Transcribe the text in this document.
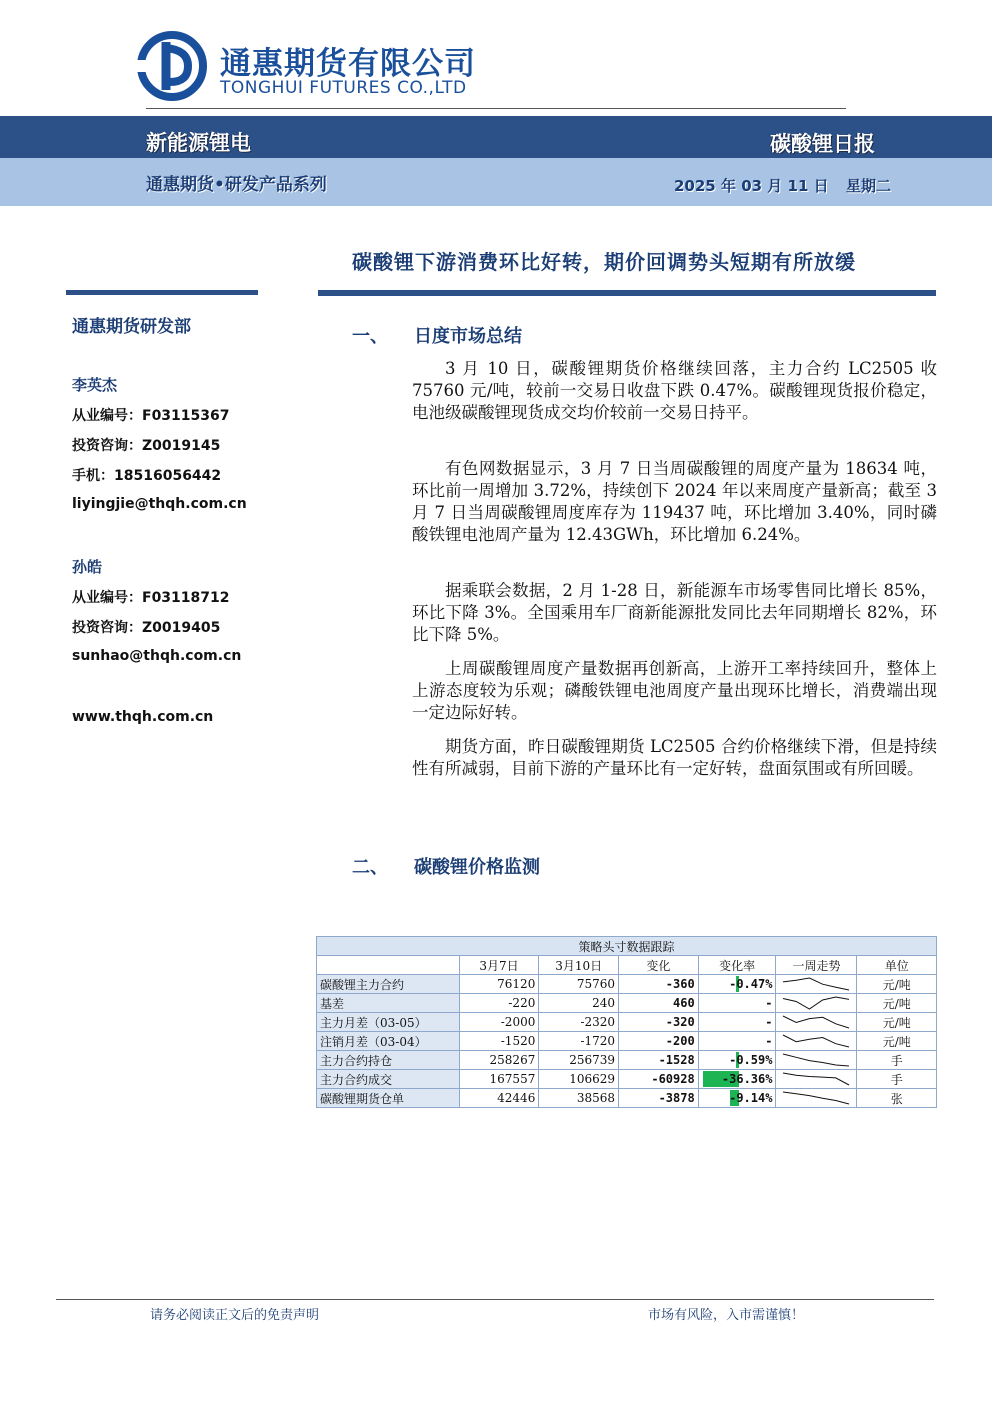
通惠期货有限公司
TONGHUI FUTURES CO.,LTD
新能源锂电	碳酸锂日报
通惠期货•研发产品系列	2025 年 03 月 11 日 星期二
碳酸锂下游消费环比好转，期价回调势头短期有所放缓
通惠期货研发部
李英杰
从业编号：F03115367
投资咨询：Z0019145
手机：18516056442
liyingjie@thqh.com.cn
孙皓
从业编号：F03118712
投资咨询：Z0019405
sunhao@thqh.com.cn
www.thqh.com.cn
一、 日度市场总结
3 月 10 日，碳酸锂期货价格继续回落，主力合约 LC2505 收 75760 元/吨，较前一交易日收盘下跌 0.47%。碳酸锂现货报价稳定，电池级碳酸锂现货成交均价较前一交易日持平。
有色网数据显示，3 月 7 日当周碳酸锂的周度产量为 18634 吨，环比前一周增加 3.72%，持续创下 2024 年以来周度产量新高；截至 3 月 7 日当周碳酸锂周度库存为 119437 吨，环比增加 3.40%，同时磷酸铁锂电池周产量为 12.43GWh，环比增加 6.24%。
据乘联会数据，2 月 1-28 日，新能源车市场零售同比增长 85%，环比下降 3%。全国乘用车厂商新能源批发同比去年同期增长 82%，环比下降 5%。
上周碳酸锂周度产量数据再创新高，上游开工率持续回升，整体上上游态度较为乐观；磷酸铁锂电池周度产量出现环比增长，消费端出现一定边际好转。
期货方面，昨日碳酸锂期货 LC2505 合约价格继续下滑，但是持续性有所减弱，目前下游的产量环比有一定好转，盘面氛围或有所回暖。
二、 碳酸锂价格监测
策略头寸数据跟踪						
	3月7日	3月10日	变化	变化率	一周走势	单位
碳酸锂主力合约	76120	75760	-360	-0.47%		元/吨
基差	-220	240	460	-		元/吨
主力月差（03-05）	-2000	-2320	-320	-		元/吨
注销月差（03-04）	-1520	-1720	-200	-		元/吨
主力合约持仓	258267	256739	-1528	-0.59%		手
主力合约成交	167557	106629	-60928	-36.36%		手
碳酸锂期货仓单	42446	38568	-3878	-9.14%		张
请务必阅读正文后的免责声明	市场有风险，入市需谨慎！
